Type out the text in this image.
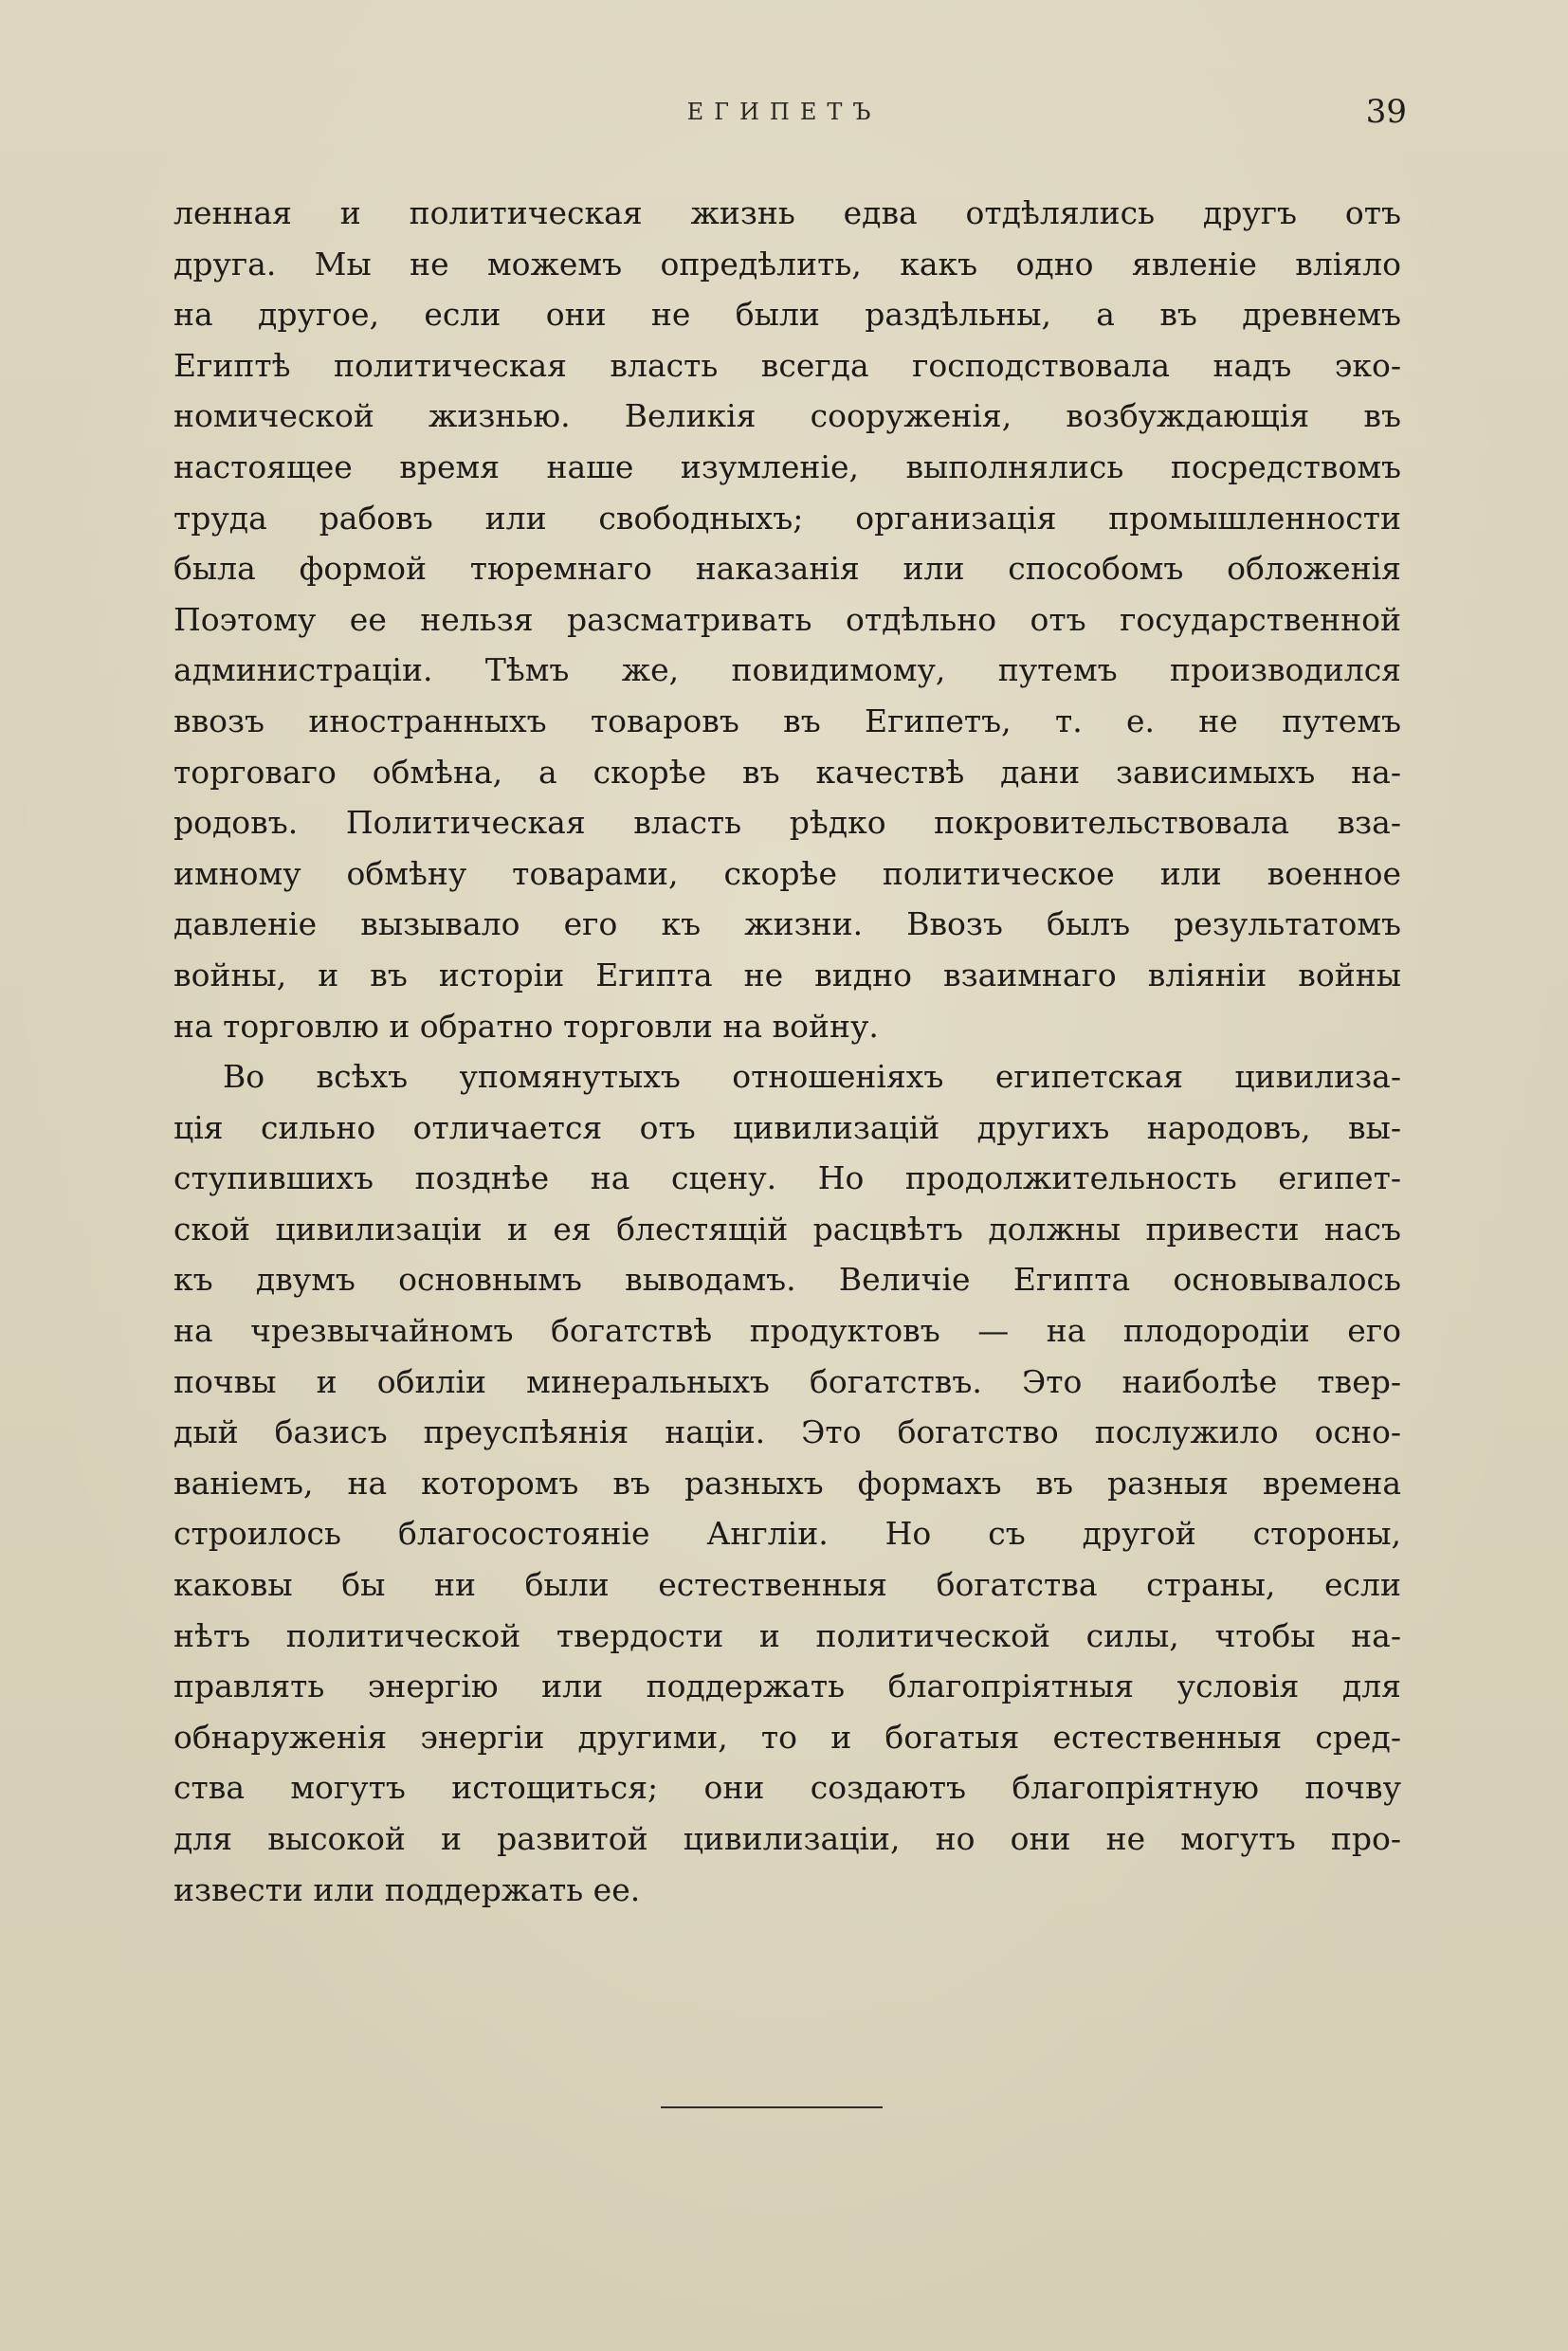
ЕГИПЕТЪ	39
ленная и политическая жизнь едва отдѣлялись другъ отъ
друга. Мы не можемъ опредѣлить, какъ одно явленіе вліяло
на другое, если они не были раздѣльны, а въ древнемъ
Египтѣ политическая власть всегда господствовала надъ эко-
номической жизнью. Великія сооруженія, возбуждающія въ
настоящее время наше изумленіе, выполнялись посредствомъ
труда рабовъ или свободныхъ; организація промышленности
была формой тюремнаго наказанія или способомъ обложенія
Поэтому ее нельзя разсматривать отдѣльно отъ государственной
администраціи. Тѣмъ же, повидимому, путемъ производился
ввозъ иностранныхъ товаровъ въ Египетъ, т. е. не путемъ
торговаго обмѣна, а скорѣе въ качествѣ дани зависимыхъ на-
родовъ. Политическая власть рѣдко покровительствовала вза-
имному обмѣну товарами, скорѣе политическое или военное
давленіе вызывало его къ жизни. Ввозъ былъ результатомъ
войны, и въ исторіи Египта не видно взаимнаго вліяніи войны
на торговлю и обратно торговли на войну.
Во всѣхъ упомянутыхъ отношеніяхъ египетская цивилиза-
ція сильно отличается отъ цивилизацій другихъ народовъ, вы-
ступившихъ позднѣе на сцену. Но продолжительность египет-
ской цивилизаціи и ея блестящій расцвѣтъ должны привести насъ
къ двумъ основнымъ выводамъ. Величіе Египта основывалось
на чрезвычайномъ богатствѣ продуктовъ — на плодородіи его
почвы и обиліи минеральныхъ богатствъ. Это наиболѣе твер-
дый базисъ преуспѣянія націи. Это богатство послужило осно-
ваніемъ, на которомъ въ разныхъ формахъ въ разныя времена
строилось благосостояніе Англіи. Но съ другой стороны,
каковы бы ни были естественныя богатства страны, если
нѣтъ политической твердости и политической силы, чтобы на-
правлять энергію или поддержать благопріятныя условія для
обнаруженія энергіи другими, то и богатыя естественныя сред-
ства могутъ истощиться; они создаютъ благопріятную почву
для высокой и развитой цивилизаціи, но они не могутъ про-
извести или поддержать ее.
